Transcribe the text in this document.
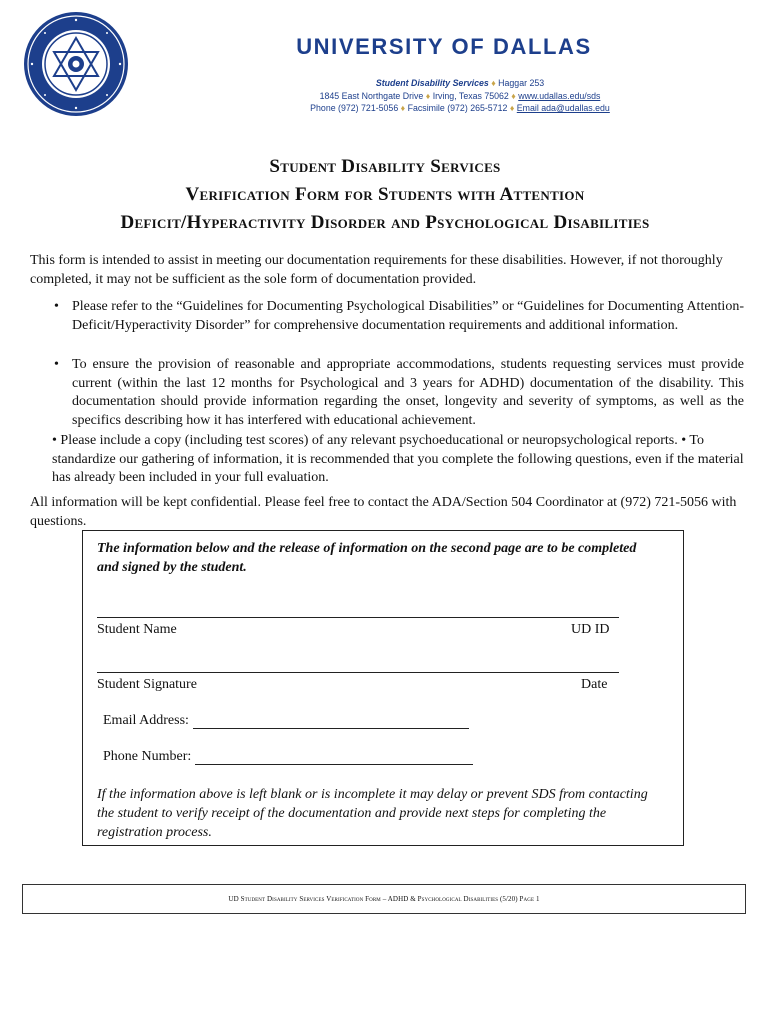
UNIVERSITY OF DALLAS
Student Disability Services ♦ Haggar 253
1845 East Northgate Drive ♦ Irving, Texas 75062 ♦ www.udallas.edu/sds
Phone (972) 721-5056 ♦ Facsimile (972) 265-5712 ♦ Email ada@udallas.edu
Student Disability Services
Verification Form for Students with Attention
Deficit/Hyperactivity Disorder and Psychological Disabilities
This form is intended to assist in meeting our documentation requirements for these disabilities. However, if not thoroughly completed, it may not be sufficient as the sole form of documentation provided.
• Please refer to the “Guidelines for Documenting Psychological Disabilities” or “Guidelines for Documenting Attention-Deficit/Hyperactivity Disorder” for comprehensive documentation requirements and additional information.
• To ensure the provision of reasonable and appropriate accommodations, students requesting services must provide current (within the last 12 months for Psychological and 3 years for ADHD) documentation of the disability. This documentation should provide information regarding the onset, longevity and severity of symptoms, as well as the specifics describing how it has interfered with educational achievement.
• Please include a copy (including test scores) of any relevant psychoeducational or neuropsychological reports. • To standardize our gathering of information, it is recommended that you complete the following questions, even if the material has already been included in your full evaluation.
All information will be kept confidential. Please feel free to contact the ADA/Section 504 Coordinator at (972) 721-5056 with questions.
The information below and the release of information on the second page are to be completed and signed by the student.
Student Name	UD ID
Student Signature	Date
Email Address:
Phone Number:
If the information above is left blank or is incomplete it may delay or prevent SDS from contacting the student to verify receipt of the documentation and provide next steps for completing the registration process.
UD Student Disability Services Verification Form – ADHD & Psychological Disabilities (5/20) Page 1
